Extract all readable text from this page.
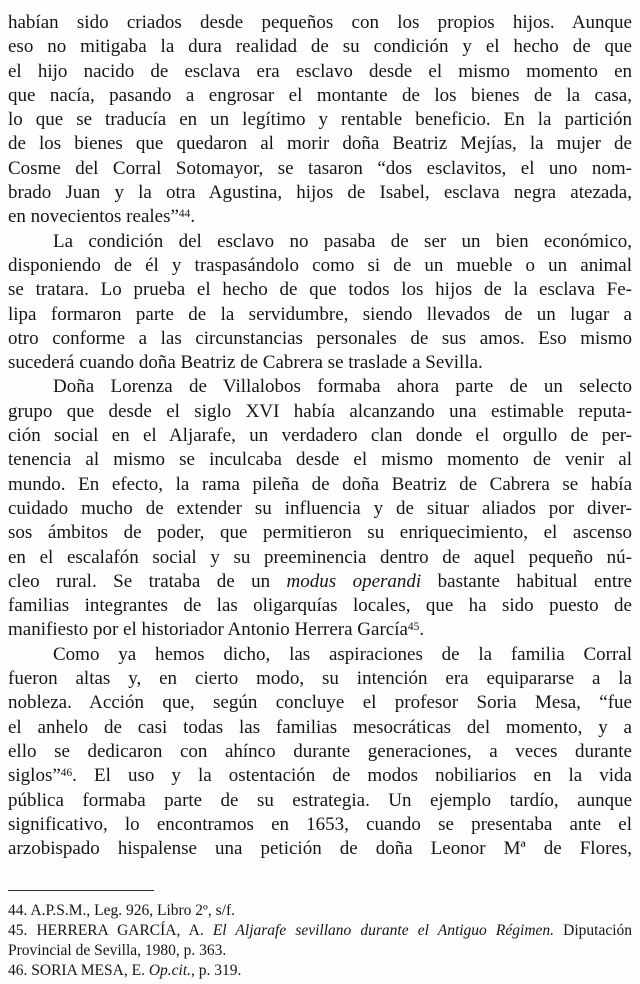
habían sido criados desde pequeños con los propios hijos. Aunque
eso no mitigaba la dura realidad de su condición y el hecho de que
el hijo nacido de esclava era esclavo desde el mismo momento en
que nacía, pasando a engrosar el montante de los bienes de la casa,
lo que se traducía en un legítimo y rentable beneficio. En la partición
de los bienes que quedaron al morir doña Beatriz Mejías, la mujer de
Cosme del Corral Sotomayor, se tasaron “dos esclavitos, el uno nom-
brado Juan y la otra Agustina, hijos de Isabel, esclava negra atezada,
en novecientos reales”$^{44}$.
La condición del esclavo no pasaba de ser un bien económico,
disponiendo de él y traspasándolo como si de un mueble o un animal
se tratara. Lo prueba el hecho de que todos los hijos de la esclava Fe-
lipa formaron parte de la servidumbre, siendo llevados de un lugar a
otro conforme a las circunstancias personales de sus amos. Eso mismo
sucederá cuando doña Beatriz de Cabrera se traslade a Sevilla.
Doña Lorenza de Villalobos formaba ahora parte de un selecto
grupo que desde el siglo XVI había alcanzando una estimable reputa-
ción social en el Aljarafe, un verdadero clan donde el orgullo de per-
tenencia al mismo se inculcaba desde el mismo momento de venir al
mundo. En efecto, la rama pileña de doña Beatriz de Cabrera se había
cuidado mucho de extender su influencia y de situar aliados por diver-
sos ámbitos de poder, que permitieron su enriquecimiento, el ascenso
en el escalafón social y su preeminencia dentro de aquel pequeño nú-
cleo rural. Se trataba de un modus operandi bastante habitual entre
familias integrantes de las oligarquías locales, que ha sido puesto de
manifiesto por el historiador Antonio Herrera García$^{45}$.
Como ya hemos dicho, las aspiraciones de la familia Corral
fueron altas y, en cierto modo, su intención era equipararse a la
nobleza. Acción que, según concluye el profesor Soria Mesa, “fue
el anhelo de casi todas las familias mesocráticas del momento, y a
ello se dedicaron con ahínco durante generaciones, a veces durante
siglos”$^{46}$. El uso y la ostentación de modos nobiliarios en la vida
pública formaba parte de su estrategia. Un ejemplo tardío, aunque
significativo, lo encontramos en 1653, cuando se presentaba ante el
arzobispado hispalense una petición de doña Leonor Mª de Flores,
44. A.P.S.M., Leg. 926, Libro 2º, s/f.
45. HERRERA GARCÍA, A. El Aljarafe sevillano durante el Antiguo Régimen. Diputación
Provincial de Sevilla, 1980, p. 363.
46. SORIA MESA, E. Op.cit., p. 319.
